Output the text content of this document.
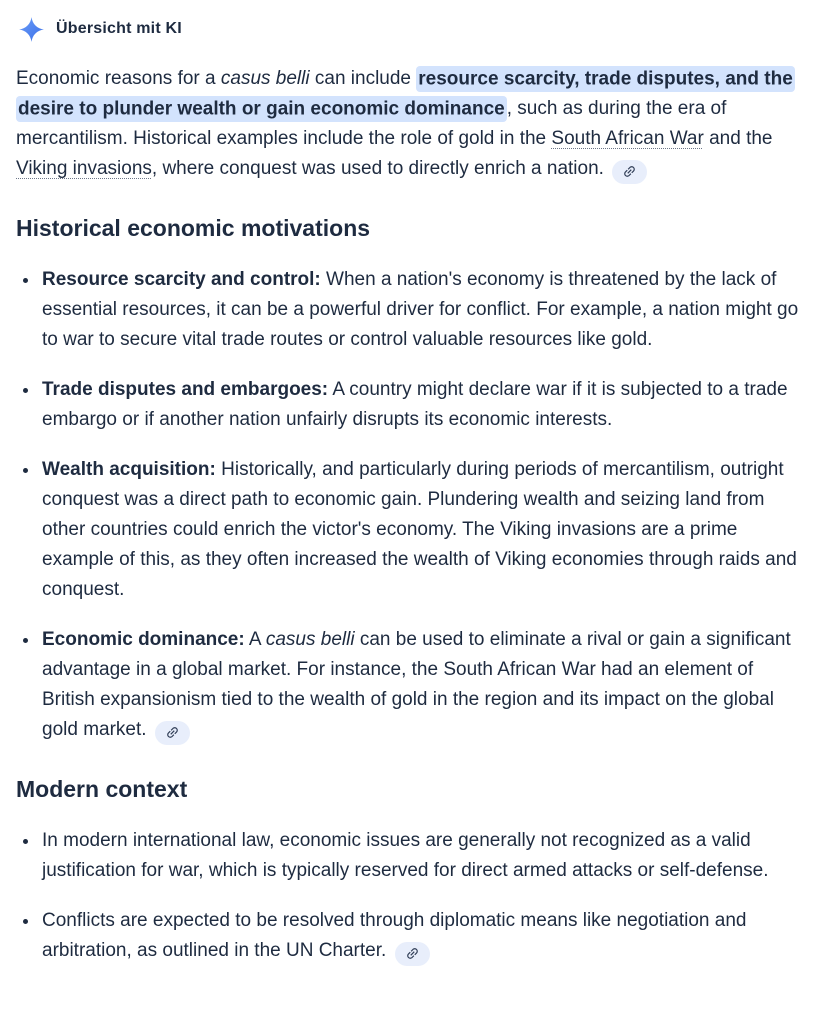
Übersicht mit KI

Economic reasons for a casus belli can include resource scarcity, trade disputes, and the desire to plunder wealth or gain economic dominance , such as during the era of mercantilism. Historical examples include the role of gold in the South African War and the Viking invasions, where conquest was used to directly enrich a nation.

Historical economic motivations
Resource scarcity and control: When a nation's economy is threatened by the lack of essential resources, it can be a powerful driver for conflict. For example, a nation might go to war to secure vital trade routes or control valuable resources like gold.
Trade disputes and embargoes: A country might declare war if it is subjected to a trade embargo or if another nation unfairly disrupts its economic interests.
Wealth acquisition: Historically, and particularly during periods of mercantilism, outright conquest was a direct path to economic gain. Plundering wealth and seizing land from other countries could enrich the victor's economy. The Viking invasions are a prime example of this, as they often increased the wealth of Viking economies through raids and conquest.
Economic dominance: A casus belli can be used to eliminate a rival or gain a significant advantage in a global market. For instance, the South African War had an element of British expansionism tied to the wealth of gold in the region and its impact on the global gold market.
Modern context
In modern international law, economic issues are generally not recognized as a valid justification for war, which is typically reserved for direct armed attacks or self-defense.
Conflicts are expected to be resolved through diplomatic means like negotiation and arbitration, as outlined in the UN Charter.
